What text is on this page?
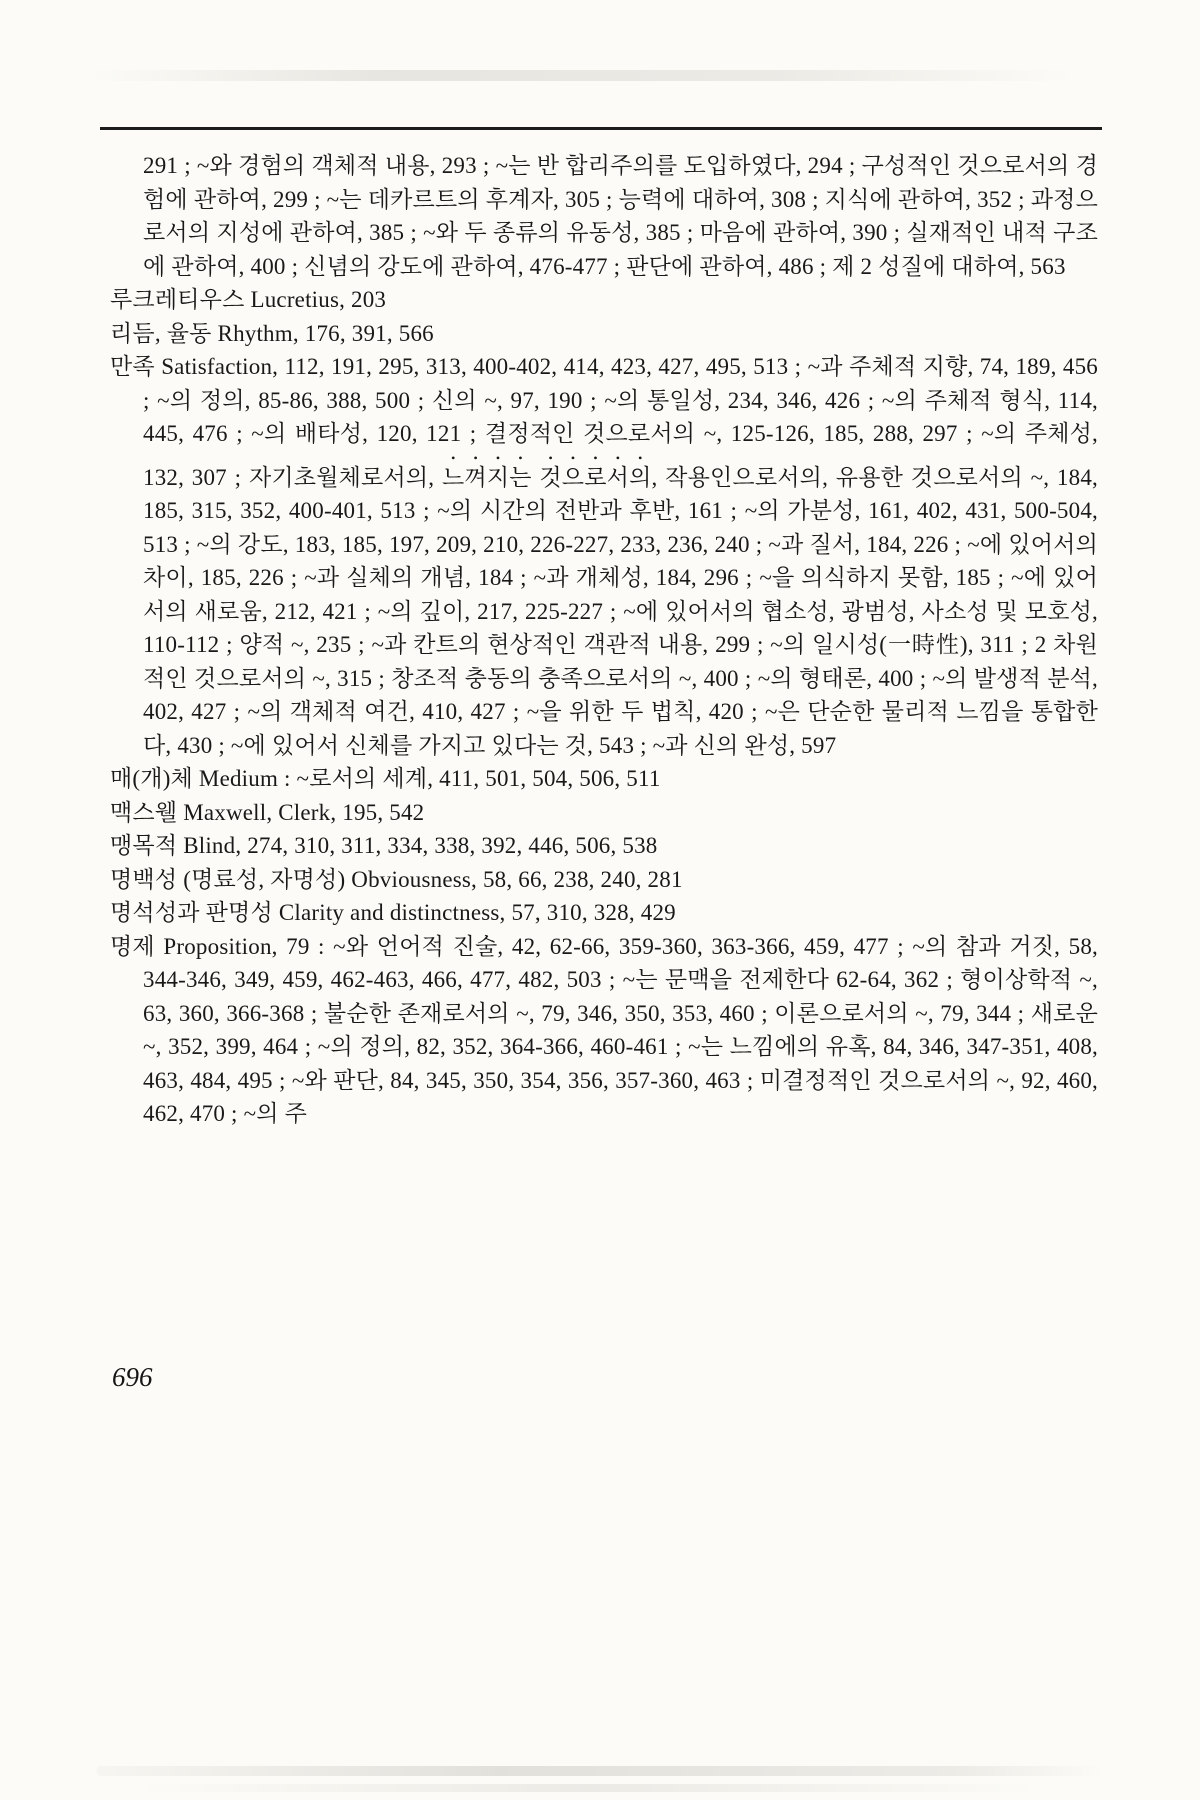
291 ; ~와 경험의 객체적 내용, 293 ; ~는 반 합리주의를 도입하였다, 294 ; 구성적인 것으로서의 경험에 관하여, 299 ; ~는 데카르트의 후계자, 305 ; 능력에 대하여, 308 ; 지식에 관하여, 352 ; 과정으로서의 지성에 관하여, 385 ; ~와 두 종류의 유동성, 385 ; 마음에 관하여, 390 ; 실재적인 내적 구조에 관하여, 400 ; 신념의 강도에 관하여, 476-477 ; 판단에 관하여, 486 ; 제 2 성질에 대하여, 563

루크레티우스 Lucretius, 203

리듬, 율동 Rhythm, 176, 391, 566

만족 Satisfaction, 112, 191, 295, 313, 400-402, 414, 423, 427, 495, 513 ; ~과 주체적 지향, 74, 189, 456 ; ~의 정의, 85-86, 388, 500 ; 신의 ~, 97, 190 ; ~의 통일성, 234, 346, 426 ; ~의 주체적 형식, 114, 445, 476 ; ~의 배타성, 120, 121 ; 결정적인 것으로서의 ~, 125-126, 185, 288, 297 ; ~의 주체성, 132, 307 ; 자기초월체로서의, 느껴지는 것으로서의, 작용인으로서의, 유용한 것으로서의 ~, 184, 185, 315, 352, 400-401, 513 ; ~의 시간의 전반과 후반, 161 ; ~의 가분성, 161, 402, 431, 500-504, 513 ; ~의 강도, 183, 185, 197, 209, 210, 226-227, 233, 236, 240 ; ~과 질서, 184, 226 ; ~에 있어서의 차이, 185, 226 ; ~과 실체의 개념, 184 ; ~과 개체성, 184, 296 ; ~을 의식하지 못함, 185 ; ~에 있어서의 새로움, 212, 421 ; ~의 깊이, 217, 225-227 ; ~에 있어서의 협소성, 광범성, 사소성 및 모호성, 110-112 ; 양적 ~, 235 ; ~과 칸트의 현상적인 객관적 내용, 299 ; ~의 일시성(一時性), 311 ; 2 차원적인 것으로서의 ~, 315 ; 창조적 충동의 충족으로서의 ~, 400 ; ~의 형태론, 400 ; ~의 발생적 분석, 402, 427 ; ~의 객체적 여건, 410, 427 ; ~을 위한 두 법칙, 420 ; ~은 단순한 물리적 느낌을 통합한다, 430 ; ~에 있어서 신체를 가지고 있다는 것, 543 ; ~과 신의 완성, 597

매(개)체 Medium : ~로서의 세계, 411, 501, 504, 506, 511

맥스웰 Maxwell, Clerk, 195, 542

맹목적 Blind, 274, 310, 311, 334, 338, 392, 446, 506, 538

명백성 (명료성, 자명성) Obviousness, 58, 66, 238, 240, 281

명석성과 판명성 Clarity and distinctness, 57, 310, 328, 429

명제 Proposition, 79 : ~와 언어적 진술, 42, 62-66, 359-360, 363-366, 459, 477 ; ~의 참과 거짓, 58, 344-346, 349, 459, 462-463, 466, 477, 482, 503 ; ~는 문맥을 전제한다 62-64, 362 ; 형이상학적 ~, 63, 360, 366-368 ; 불순한 존재로서의 ~, 79, 346, 350, 353, 460 ; 이론으로서의 ~, 79, 344 ; 새로운 ~, 352, 399, 464 ; ~의 정의, 82, 352, 364-366, 460-461 ; ~는 느낌에의 유혹, 84, 346, 347-351, 408, 463, 484, 495 ; ~와 판단, 84, 345, 350, 354, 356, 357-360, 463 ; 미결정적인 것으로서의 ~, 92, 460, 462, 470 ; ~의 주

696
